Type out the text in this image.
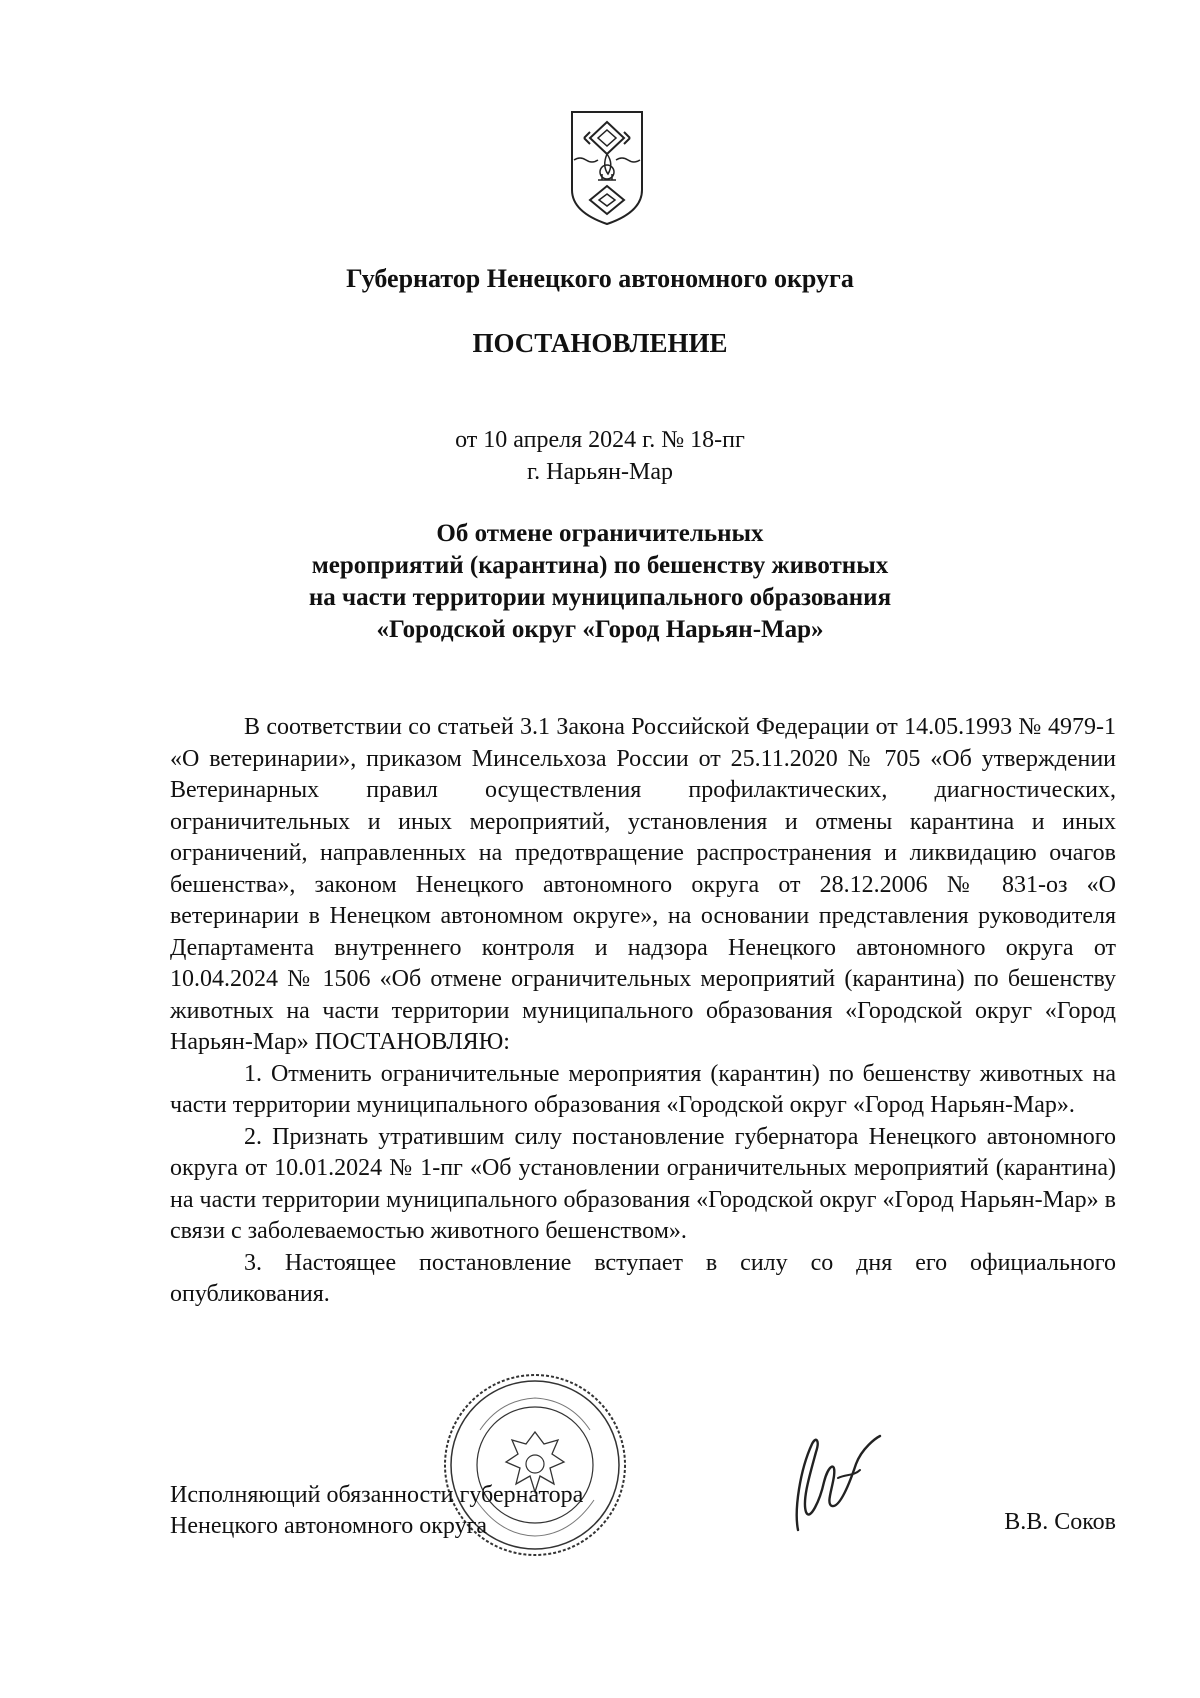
Губернатор Ненецкого автономного округа
ПОСТАНОВЛЕНИЕ
от 10 апреля 2024 г. № 18-пг
г. Нарьян-Мар
Об отмене ограничительных
мероприятий (карантина) по бешенству животных
на части территории муниципального образования
«Городской округ «Город Нарьян-Мар»

В соответствии со статьей 3.1 Закона Российской Федерации от 14.05.1993 № 4979-1 «О ветеринарии», приказом Минсельхоза России от 25.11.2020 № 705 «Об утверждении Ветеринарных правил осуществления профилактических, диагностических, ограничительных и иных мероприятий, установления и отмены карантина и иных ограничений, направленных на предотвращение распространения и ликвидацию очагов бешенства», законом Ненецкого автономного округа от 28.12.2006 № 831-оз «О ветеринарии в Ненецком автономном округе», на основании представления руководителя Департамента внутреннего контроля и надзора Ненецкого автономного округа от 10.04.2024 № 1506 «Об отмене ограничительных мероприятий (карантина) по бешенству животных на части территории муниципального образования «Городской округ «Город Нарьян-Мар» ПОСТАНОВЛЯЮ:

1. Отменить ограничительные мероприятия (карантин) по бешенству животных на части территории муниципального образования «Городской округ «Город Нарьян-Мар».

2. Признать утратившим силу постановление губернатора Ненецкого автономного округа от 10.01.2024 № 1-пг «Об установлении ограничительных мероприятий (карантина) на части территории муниципального образования «Городской округ «Город Нарьян-Мар» в связи с заболеваемостью животного бешенством».

3. Настоящее постановление вступает в силу со дня его официального опубликования.

Исполняющий обязанности губернатора
Ненецкого автономного округа	В.В. Соков
